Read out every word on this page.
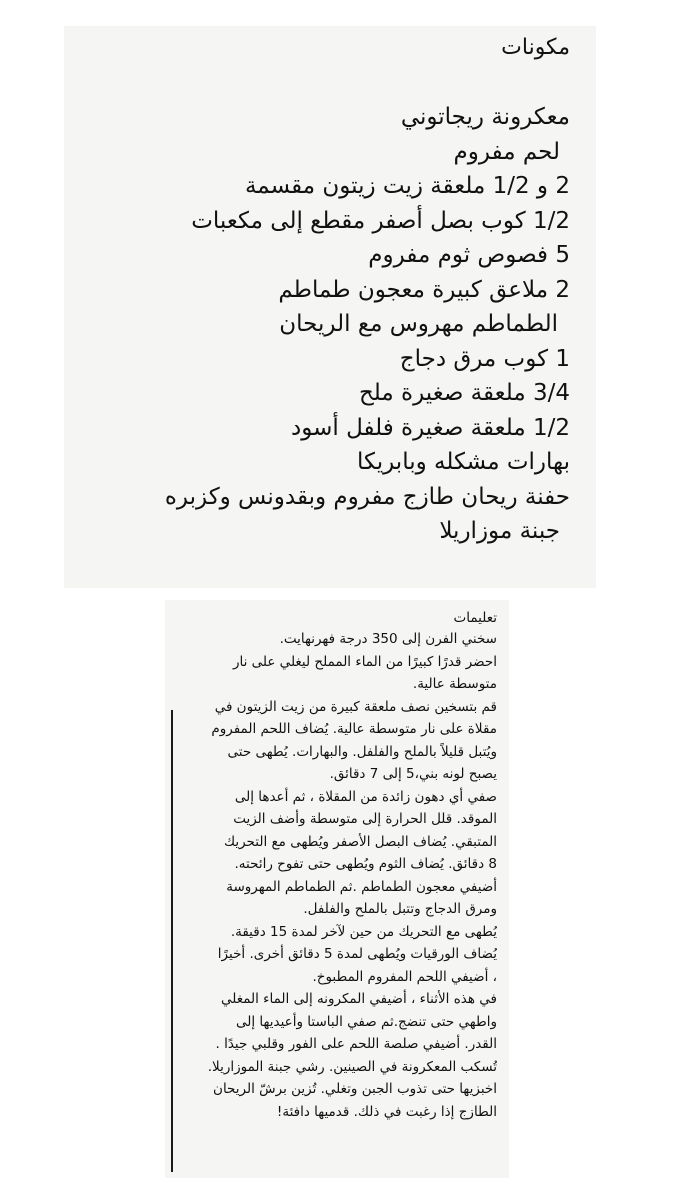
مكونات
معكرونة ريجاتوني
لحم مفروم
2 و 1/2 ملعقة زيت زيتون مقسمة
1/2 كوب بصل أصفر مقطع إلى مكعبات
5 فصوص ثوم مفروم
2 ملاعق كبيرة معجون طماطم
الطماطم مهروس مع الريحان
1 كوب مرق دجاج
3/4 ملعقة صغيرة ملح
1/2 ملعقة صغيرة فلفل أسود
بهارات مشكله وبابريكا
حفنة ريحان طازج مفروم وبقدونس وكزبره
جبنة موزاريلا
تعليمات
سخني الفرن إلى 350 درجة فهرنهايت.
احضر قدرًا كبيرًا من الماء المملح ليغلي على نار
متوسطة عالية.
قم بتسخين نصف ملعقة كبيرة من زيت الزيتون في
مقلاة على نار متوسطة عالية. يُضاف اللحم المفروم
ويُتبل قليلاً بالملح والفلفل. والبهارات. يُطهى حتى
يصبح لونه بني،5 إلى 7 دقائق.
صفي أي دهون زائدة من المقلاة ، ثم أعدها إلى
الموقد. قلل الحرارة إلى متوسطة وأضف الزيت
المتبقي. يُضاف البصل الأصفر ويُطهى مع التحريك
8 دقائق. يُضاف الثوم ويُطهى حتى تفوح رائحته.
أضيفي معجون الطماطم .ثم الطماطم المهروسة
ومرق الدجاج وتتبل بالملح والفلفل.
يُطهى مع التحريك من حين لآخر لمدة 15 دقيقة.
يُضاف الورقيات ويُطهى لمدة 5 دقائق أخرى. أخيرًا
، أضيفي اللحم المفروم المطبوخ.
في هذه الأثناء ، أضيفي المكرونه إلى الماء المغلي
واطهي حتى تنضج.ثم صفي الباستا وأعيديها إلى
القدر. أضيفي صلصة اللحم على الفور وقلبي جيدًا .
تُسكب المعكرونة في الصينين. رشي جبنة الموزاريلا.
اخبزيها حتى تذوب الجبن وتغلي. تُزين برشّ الريحان
الطازج إذا رغبت في ذلك. قدميها دافئة!
